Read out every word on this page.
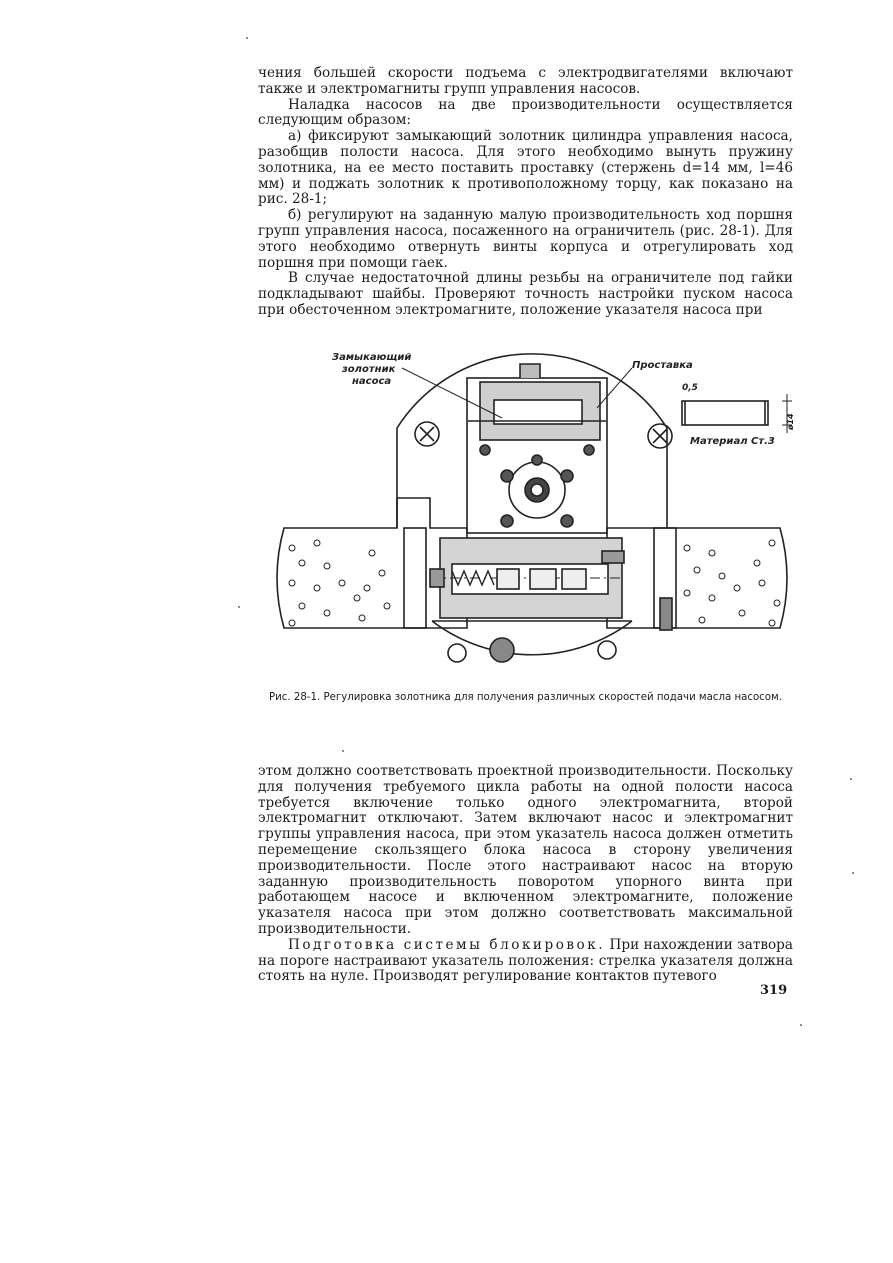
чения большей скорости подъема с электродвигателями включают также и электромагниты групп управления насосов.

Наладка насосов на две производительности осуществляется следующим образом:

а) фиксируют замыкающий золотник цилиндра управления насоса, разобщив полости насоса. Для этого необходимо вынуть пружину золотника, на ее место поставить проставку (стержень d=14 мм, l=46 мм) и поджать золотник к противоположному торцу, как показано на рис. 28-1;

б) регулируют на заданную малую производительность ход поршня групп управления насоса, посаженного на ограничитель (рис. 28-1). Для этого необходимо отвернуть винты корпуса и отрегулировать ход поршня при помощи гаек.

В случае недостаточной длины резьбы на ограничителе под гайки подкладывают шайбы. Проверяют точность настройки пуском насоса при обесточенном электромагните, положение указателя насоса при

Замыкающий
золотник
насоса
Проставка
Материал Ст.3
0,5
ø14
Рис. 28-1. Регулировка золотника для получения различных скоростей подачи масла насосом.

этом должно соответствовать проектной производительности. Поскольку для получения требуемого цикла работы на одной полости насоса требуется включение только одного электромагнита, второй электромагнит отключают. Затем включают насос и электромагнит группы управления насоса, при этом указатель насоса должен отметить перемещение скользящего блока насоса в сторону увеличения производительности. После этого настраивают насос на вторую заданную производительность поворотом упорного винта при работающем насосе и включенном электромагните, положение указателя насоса при этом должно соответствовать максимальной производительности.

Подготовка системы блокировок. При нахождении затвора на пороге настраивают указатель положения: стрелка указателя должна стоять на нуле. Производят регулирование контактов путевого

319
